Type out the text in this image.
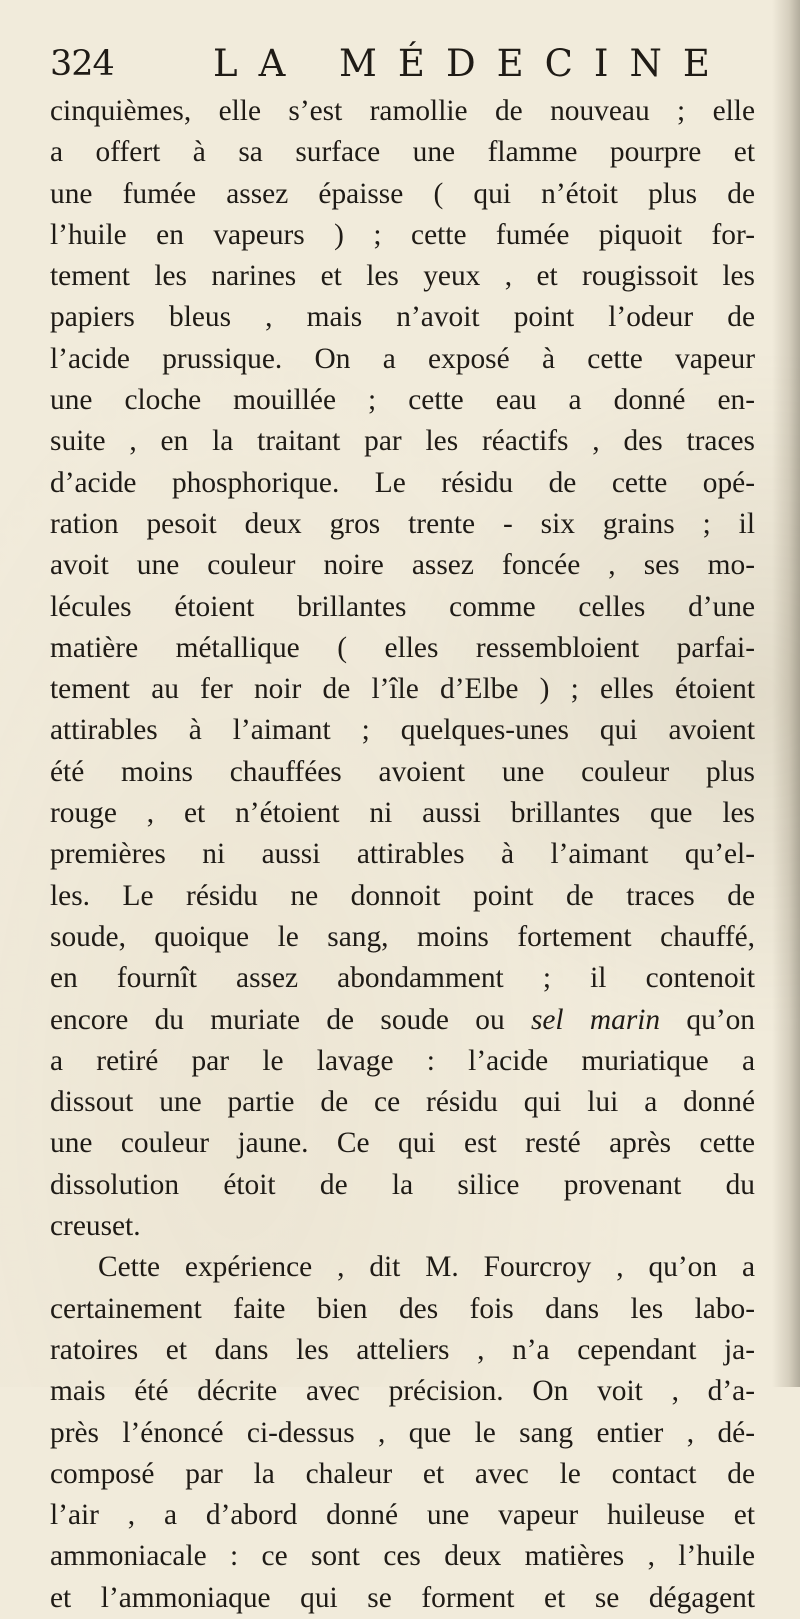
324	LA MÉDECINE
cinquièmes, elle s’est ramollie de nouveau ; elle
a offert à sa surface une flamme pourpre et
une fumée assez épaisse ( qui n’étoit plus de
l’huile en vapeurs ) ; cette fumée piquoit for-
tement les narines et les yeux , et rougissoit les
papiers bleus , mais n’avoit point l’odeur de
l’acide prussique. On a exposé à cette vapeur
une cloche mouillée ; cette eau a donné en-
suite , en la traitant par les réactifs , des traces
d’acide phosphorique. Le résidu de cette opé-
ration pesoit deux gros trente - six grains ; il
avoit une couleur noire assez foncée , ses mo-
lécules étoient brillantes comme celles d’une
matière métallique ( elles ressembloient parfai-
tement au fer noir de l’île d’Elbe ) ; elles étoient
attirables à l’aimant ; quelques-unes qui avoient
été moins chauffées avoient une couleur plus
rouge , et n’étoient ni aussi brillantes que les
premières ni aussi attirables à l’aimant qu’el-
les. Le résidu ne donnoit point de traces de
soude, quoique le sang, moins fortement chauffé,
en fournît assez abondamment ; il contenoit
encore du muriate de soude ou sel marin qu’on
a retiré par le lavage : l’acide muriatique a
dissout une partie de ce résidu qui lui a donné
une couleur jaune. Ce qui est resté après cette
dissolution étoit de la silice provenant du
creuset.
Cette expérience , dit M. Fourcroy , qu’on a
certainement faite bien des fois dans les labo-
ratoires et dans les atteliers , n’a cependant ja-
mais été décrite avec précision. On voit , d’a-
près l’énoncé ci-dessus , que le sang entier , dé-
composé par la chaleur et avec le contact de
l’air , a d’abord donné une vapeur huileuse et
ammoniacale : ce sont ces deux matières , l’huile
et l’ammoniaque qui se forment et se dégagent
